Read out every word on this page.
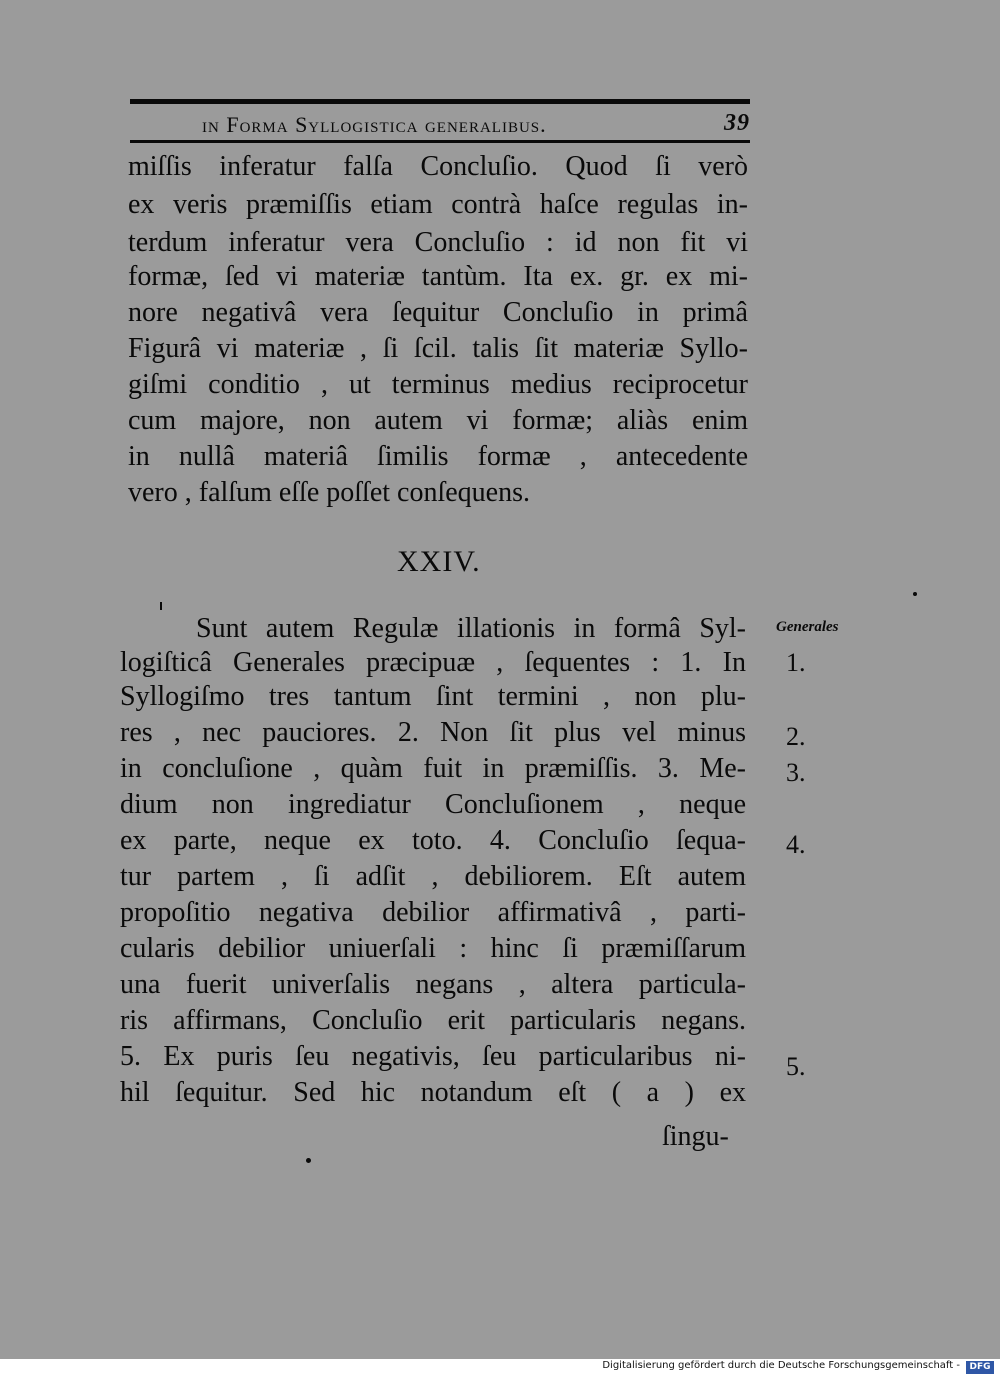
in Forma Syllogistica generalibus.	39
miſſis inferatur falſa Concluſio. Quod ſi verò
ex veris præmiſſis etiam contrà haſce regulas in-
terdum inferatur vera Concluſio : id non fit vi
formæ, ſed vi materiæ tantùm. Ita ex. gr. ex mi-
nore negativâ vera ſequitur Concluſio in primâ
Figurâ vi materiæ , ſi ſcil. talis ſit materiæ Syllo-
giſmi conditio , ut terminus medius reciprocetur
cum majore, non autem vi formæ; aliàs enim
in nullâ materiâ ſimilis formæ , antecedente
vero , falſum eſſe poſſet conſequens.
XXIV.
Sunt autem Regulæ illationis in formâ Syl-
logiſticâ Generales præcipuæ , ſequentes : 1. In
Syllogiſmo tres tantum ſint termini , non plu-
res , nec pauciores. 2. Non ſit plus vel minus
in concluſione , quàm fuit in præmiſſis. 3. Me-
dium non ingrediatur Concluſionem , neque
ex parte, neque ex toto. 4. Concluſio ſequa-
tur partem , ſi adſit , debiliorem. Eſt autem
propoſitio negativa debilior affirmativâ , parti-
cularis debilior uniuerſali : hinc ſi præmiſſarum
una fuerit univerſalis negans , altera particula-
ris affirmans, Concluſio erit particularis negans.
5. Ex puris ſeu negativis, ſeu particularibus ni-
hil ſequitur. Sed hic notandum eſt ( a ) ex
ſingu-
Generales
1.
2.
3.
4.
5.
Digitalisierung gefördert durch die Deutsche Forschungsgemeinschaft -	DFG
